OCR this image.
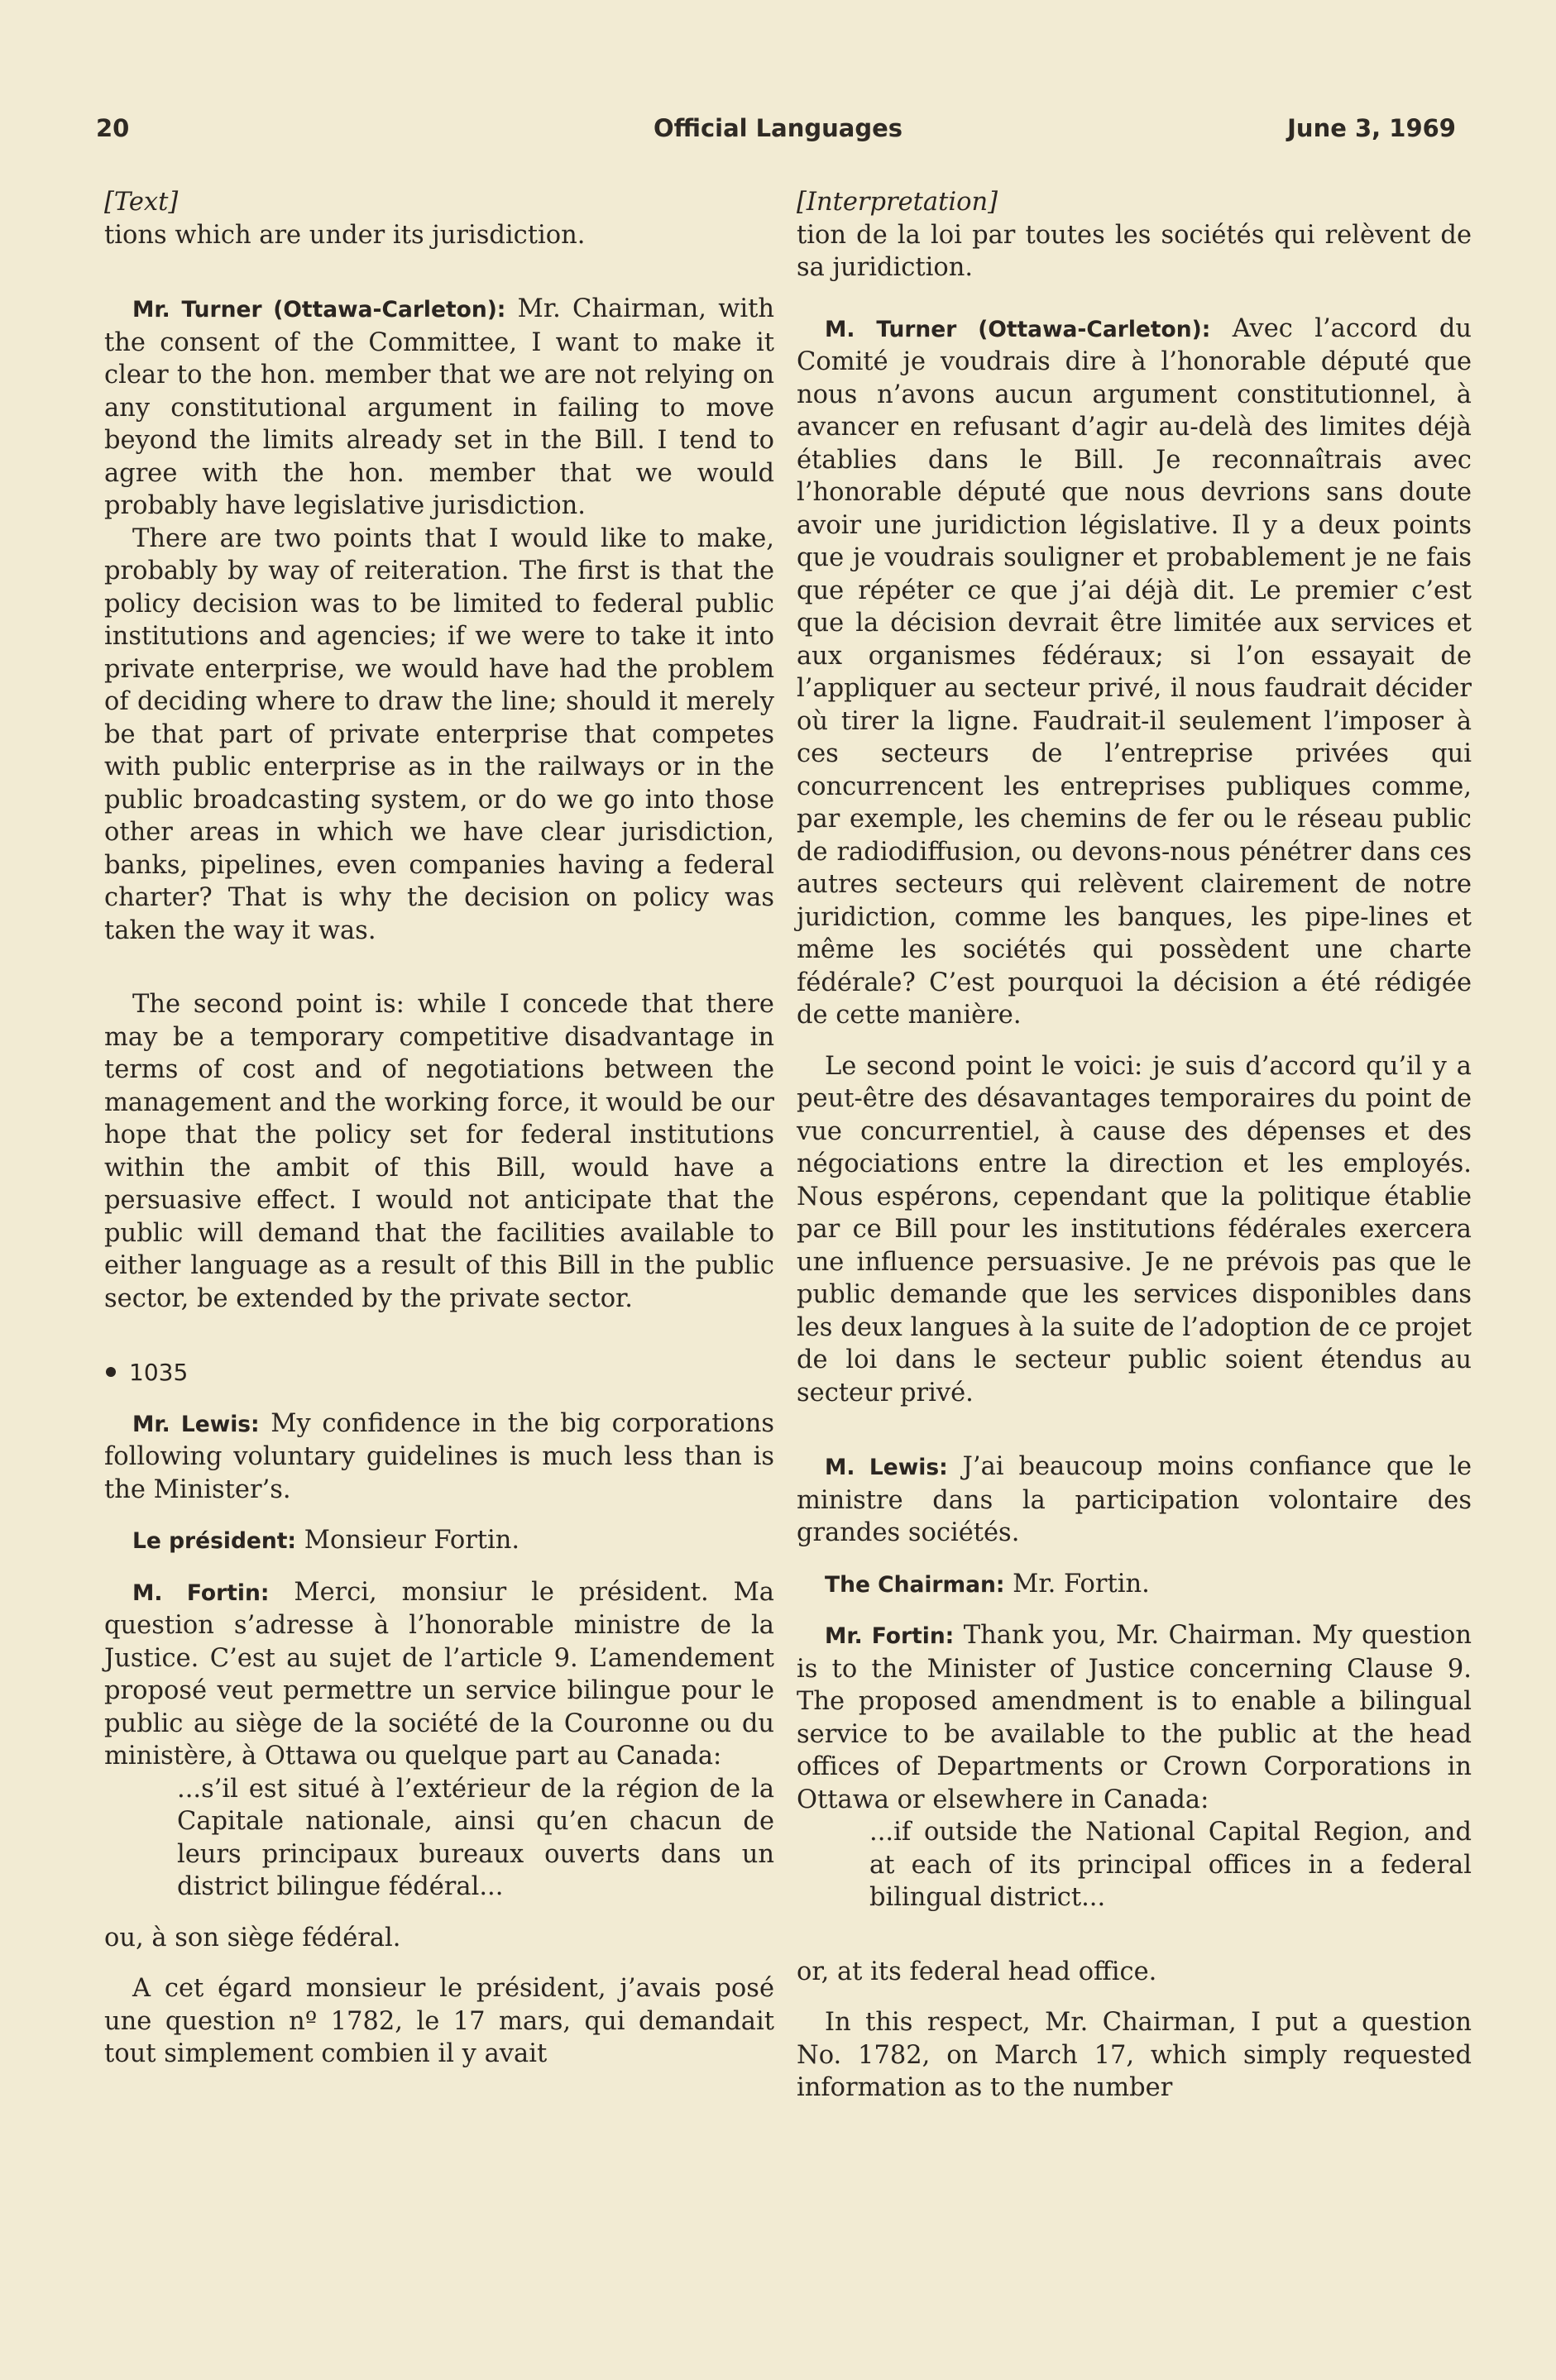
20	Official Languages	June 3, 1969
[Text]

tions which are under its jurisdiction.

Mr. Turner (Ottawa-Carleton): Mr. Chairman, with the consent of the Committee, I want to make it clear to the hon. member that we are not relying on any constitutional argument in failing to move beyond the limits already set in the Bill. I tend to agree with the hon. member that we would probably have legislative jurisdiction.

There are two points that I would like to make, probably by way of reiteration. The first is that the policy decision was to be limited to federal public institutions and agencies; if we were to take it into private enterprise, we would have had the problem of deciding where to draw the line; should it merely be that part of private enterprise that competes with public enterprise as in the railways or in the public broadcasting system, or do we go into those other areas in which we have clear jurisdiction, banks, pipelines, even companies having a federal charter? That is why the decision on policy was taken the way it was.

The second point is: while I concede that there may be a temporary competitive disadvantage in terms of cost and of negotiations between the management and the working force, it would be our hope that the policy set for federal institutions within the ambit of this Bill, would have a persuasive effect. I would not anticipate that the public will demand that the facilities available to either language as a result of this Bill in the public sector, be extended by the private sector.

1035

Mr. Lewis: My confidence in the big corporations following voluntary guidelines is much less than is the Minister’s.

Le président: Monsieur Fortin.

M. Fortin: Merci, monsiur le président. Ma question s’adresse à l’honorable ministre de la Justice. C’est au sujet de l’article 9. L’amendement proposé veut permettre un service bilingue pour le public au siège de la société de la Couronne ou du ministère, à Ottawa ou quelque part au Canada:

...s’il est situé à l’extérieur de la région de la Capitale nationale, ainsi qu’en chacun de leurs principaux bureaux ouverts dans un district bilingue fédéral...

ou, à son siège fédéral.

A cet égard monsieur le président, j’avais posé une question nº 1782, le 17 mars, qui demandait tout simplement combien il y avait

[Interpretation]

tion de la loi par toutes les sociétés qui relèvent de sa juridiction.

M. Turner (Ottawa-Carleton): Avec l’accord du Comité je voudrais dire à l’honorable député que nous n’avons aucun argument constitutionnel, à avancer en refusant d’agir au-delà des limites déjà établies dans le Bill. Je reconnaîtrais avec l’honorable député que nous devrions sans doute avoir une juridiction législative. Il y a deux points que je voudrais souligner et probablement je ne fais que répéter ce que j’ai déjà dit. Le premier c’est que la décision devrait être limitée aux services et aux organismes fédéraux; si l’on essayait de l’appliquer au secteur privé, il nous faudrait décider où tirer la ligne. Faudrait-il seulement l’imposer à ces secteurs de l’entreprise privées qui concurrencent les entreprises publiques comme, par exemple, les chemins de fer ou le réseau public de radiodiffusion, ou devons-nous pénétrer dans ces autres secteurs qui relèvent clairement de notre juridiction, comme les banques, les pipe-lines et même les sociétés qui possèdent une charte fédérale? C’est pourquoi la décision a été rédigée de cette manière.

Le second point le voici: je suis d’accord qu’il y a peut-être des désavantages temporaires du point de vue concurrentiel, à cause des dépenses et des négociations entre la direction et les employés. Nous espérons, cependant que la politique établie par ce Bill pour les institutions fédérales exercera une influence persuasive. Je ne prévois pas que le public demande que les services disponibles dans les deux langues à la suite de l’adoption de ce projet de loi dans le secteur public soient étendus au secteur privé.

M. Lewis: J’ai beaucoup moins confiance que le ministre dans la participation volontaire des grandes sociétés.

The Chairman: Mr. Fortin.

Mr. Fortin: Thank you, Mr. Chairman. My question is to the Minister of Justice concerning Clause 9. The proposed amendment is to enable a bilingual service to be available to the public at the head offices of Departments or Crown Corporations in Ottawa or elsewhere in Canada:

...if outside the National Capital Region, and at each of its principal offices in a federal bilingual district...

or, at its federal head office.

In this respect, Mr. Chairman, I put a question No. 1782, on March 17, which simply requested information as to the number
